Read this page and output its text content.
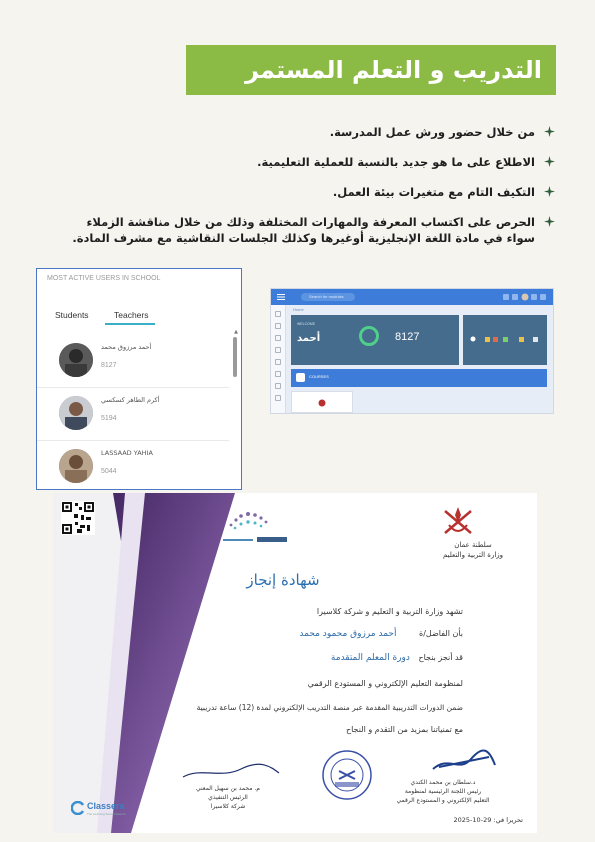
التدريب و التعلم المستمر
من خلال حضور ورش عمل المدرسة.
الاطلاع على ما هو جديد بالنسبة للعملية التعليمية.
التكيف التام مع متغيرات بيئة العمل.
الحرص على اكتساب المعرفة والمهارات المختلفة وذلك من خلال مناقشة الزملاء سواء في مادة اللغة الإنجليزية أوغيرها وكذلك الجلسات النقاشية مع مشرف المادة.
MOST ACTIVE USERS IN SCHOOL
Students	Teachers
أحمد مرزوق محمد
8127
أكرم الطاهر كسكسي
5194
LASSAAD YAHIA
5044
▲
Search for modules
Home
WELCOME
أحمد	8127
COURSES
سلطنة عمان
وزارة التربية والتعليم
شهادة إنجاز
تشهد وزارة التربية و التعليم و شركة كلاسيرا
بأن الفاضل/ة أحمد مرزوق محمود محمد
قد أنجز بنجاح دورة المعلم المتقدمة
لمنظومة التعليم الإلكتروني و المستودع الرقمي
ضمن الدورات التدريبية المقدمة عبر منصة التدريب الإلكتروني لمدة (12) ساعة تدريبية
مع تمنياتنا بمزيد من التقدم و النجاح
د.سلطان بن محمد الكندي
رئيس اللجنة الرئيسية لمنظومة
التعليم الإلكتروني و المستودع الرقمي
م. محمد بن سهيل المعني
الرئيس التنفيذي
شركة كلاسيرا
تحريرا في: 29-10-2025
Classera
The Learning Social Network
